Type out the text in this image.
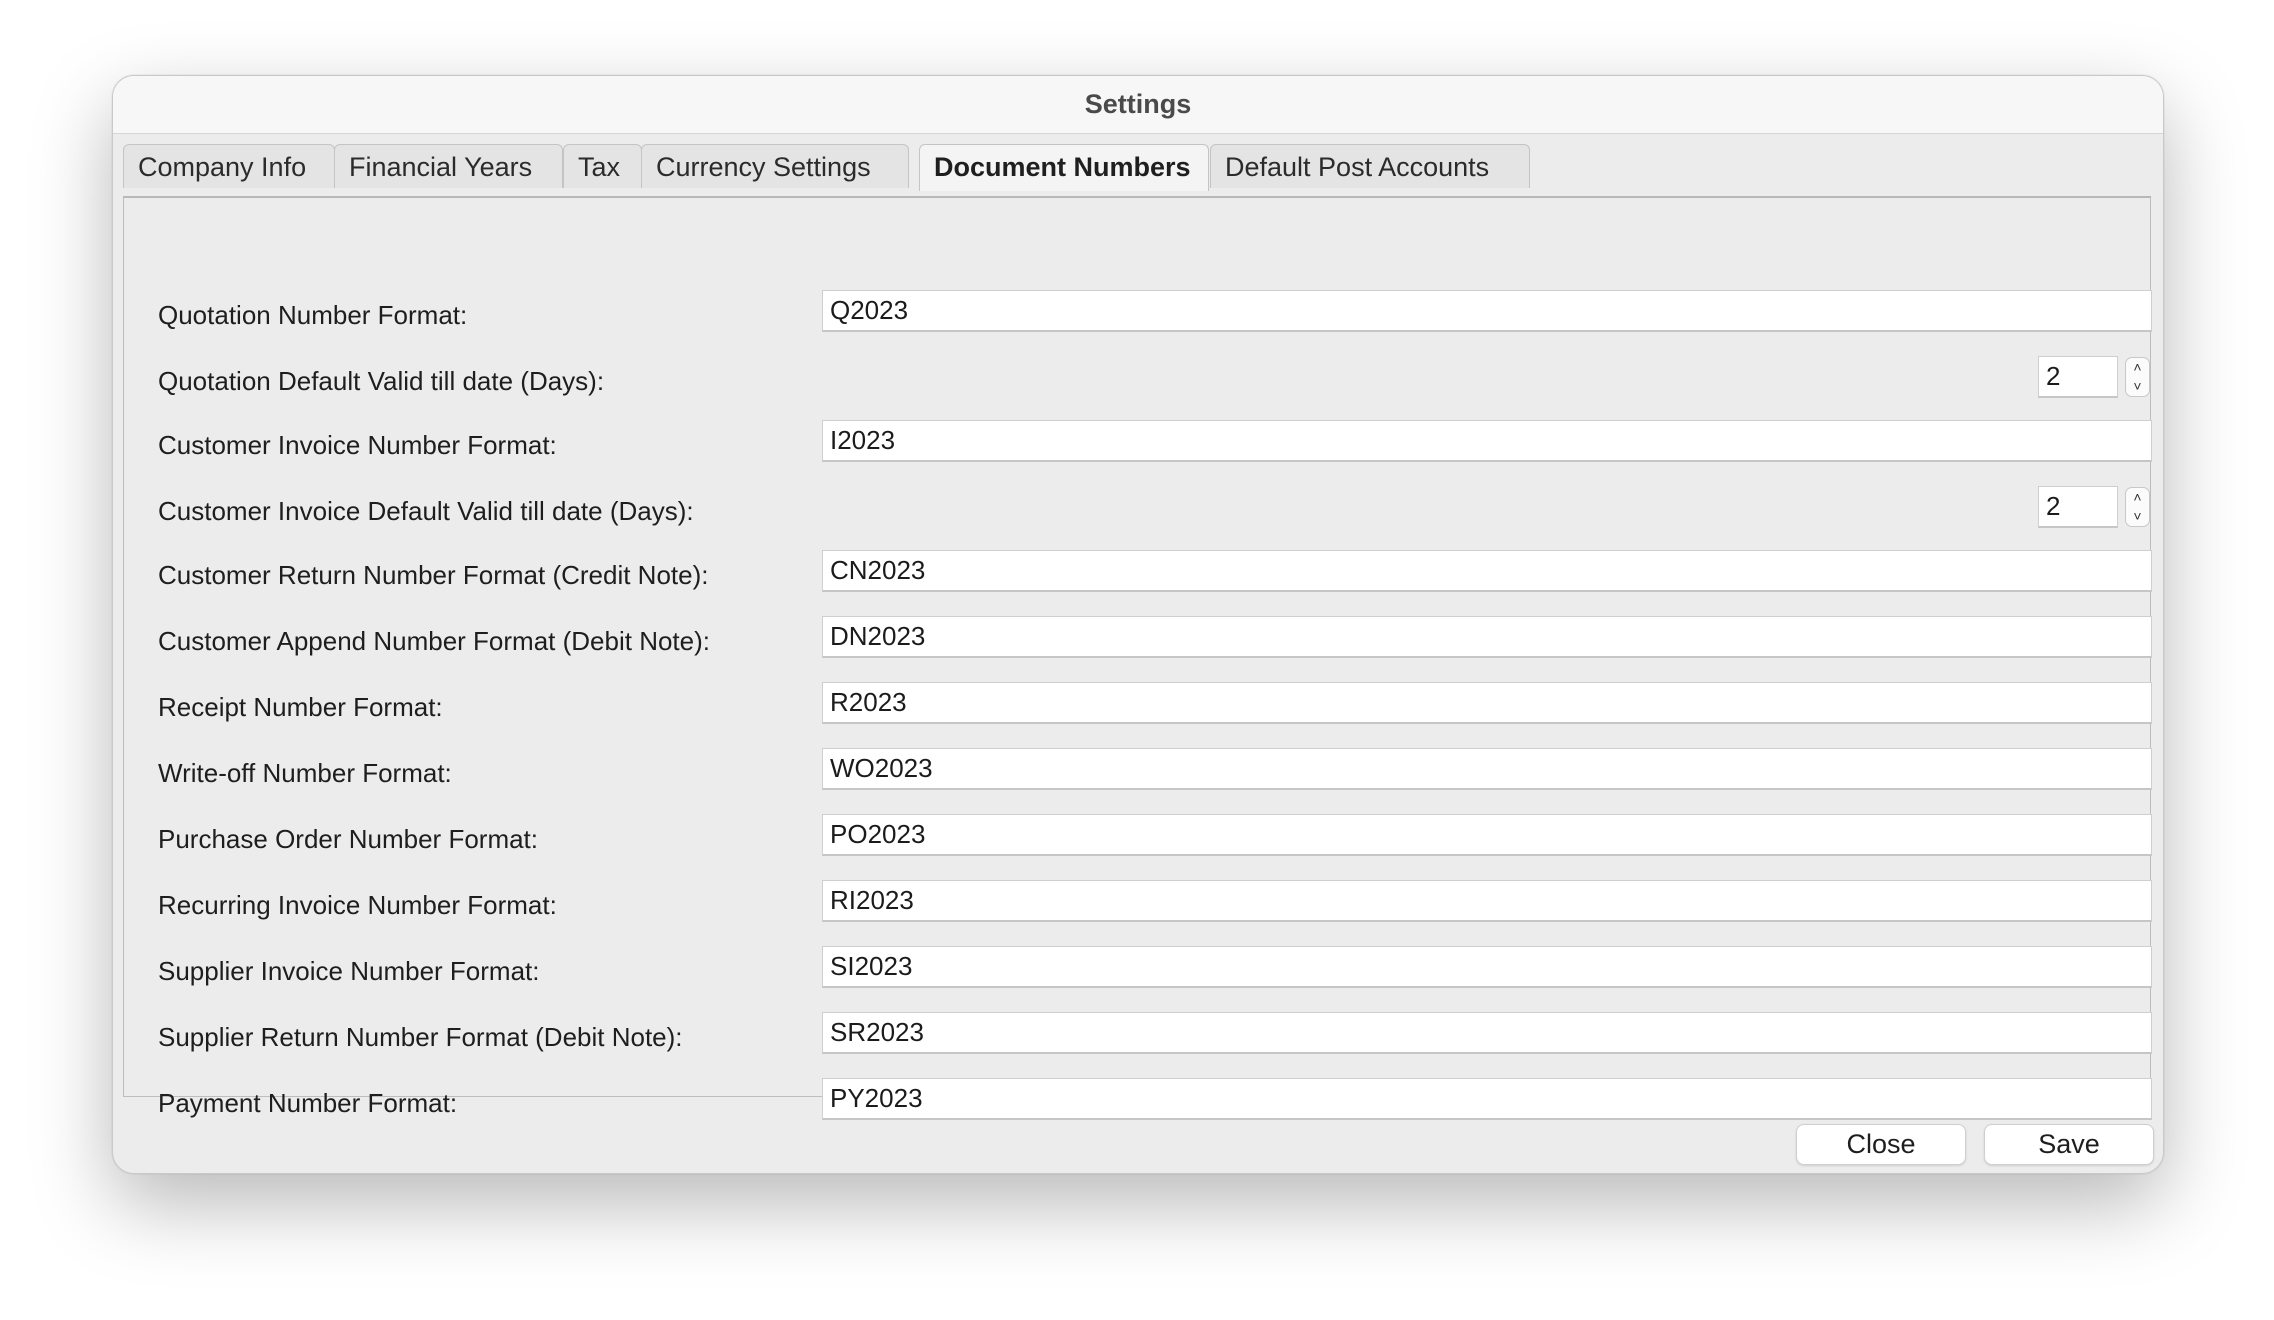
Settings
Company Info	Financial Years	Tax	Currency Settings	Document Numbers	Default Post Accounts
Quotation Number Format:
Q2023
Quotation Default Valid till date (Days):
2	˄
˅
Customer Invoice Number Format:
I2023
Customer Invoice Default Valid till date (Days):
2	˄
˅
Customer Return Number Format (Credit Note):
CN2023
Customer Append Number Format (Debit Note):
DN2023
Receipt Number Format:
R2023
Write-off Number Format:
WO2023
Purchase Order Number Format:
PO2023
Recurring Invoice Number Format:
RI2023
Supplier Invoice Number Format:
SI2023
Supplier Return Number Format (Debit Note):
SR2023
Payment Number Format:
PY2023
Close	Save
